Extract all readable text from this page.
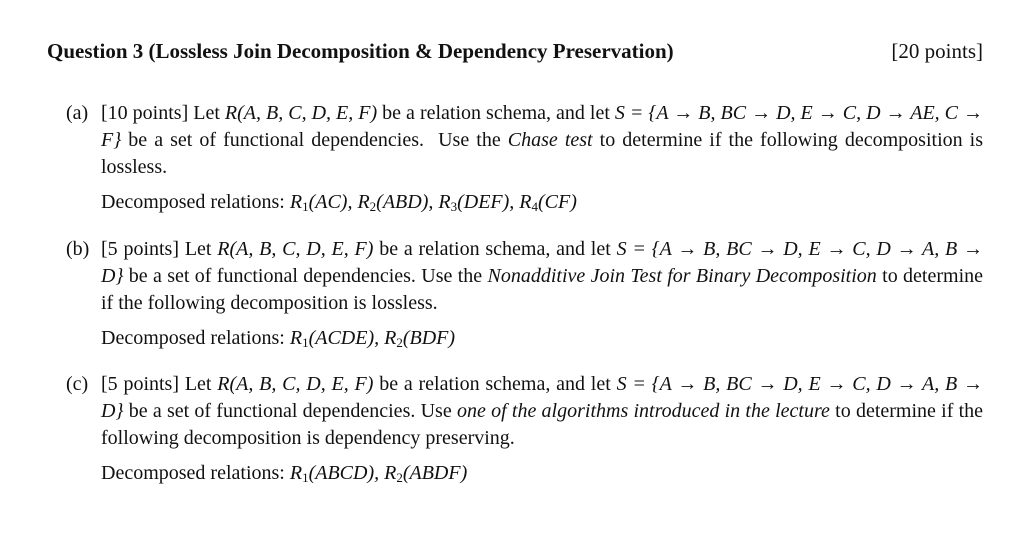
Question 3 (Lossless Join Decomposition & Dependency Preservation)	[20 points]
(a) [10 points] Let R(A, B, C, D, E, F) be a relation schema, and let S = {A → B, BC → D, E → C, D → AE, C → F} be a set of functional dependencies. Use the Chase test to determine if the following decomposition is lossless.

Decomposed relations: $R_1(AC)$, $R_2(ABD)$, $R_3(DEF)$, $R_4(CF)$
(b) [5 points] Let R(A, B, C, D, E, F) be a relation schema, and let S = {A → B, BC → D, E → C, D → A, B → D} be a set of functional dependencies. Use the Nonadditive Join Test for Binary Decomposition to determine if the following decomposition is lossless.

Decomposed relations: $R_1(ACDE)$, $R_2(BDF)$
(c) [5 points] Let R(A, B, C, D, E, F) be a relation schema, and let S = {A → B, BC → D, E → C, D → A, B → D} be a set of functional dependencies. Use one of the algorithms introduced in the lecture to determine if the following decomposition is dependency preserving.

Decomposed relations: $R_1(ABCD)$, $R_2(ABDF)$
